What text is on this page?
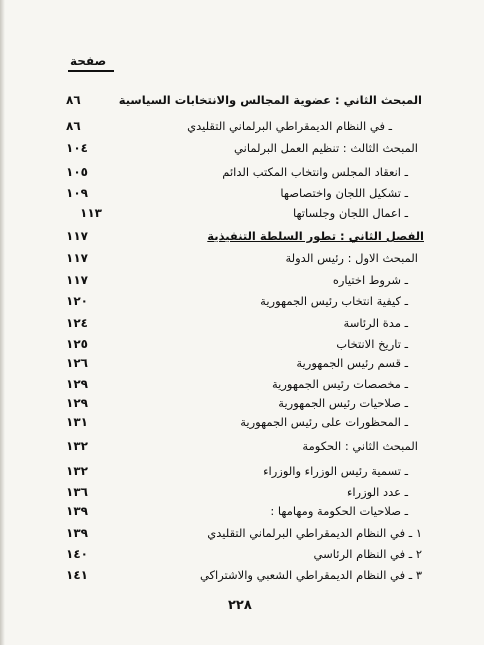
صفحة
المبحث الثاني : عضوية المجالس والانتخابات السياسية
٨٦
ـ في النظام الديمقراطي البرلماني التقليدي
٨٦
المبحث الثالث : تنظيم العمل البرلماني
١٠٤
ـ انعقاد المجلس وانتخاب المكتب الدائم
١٠٥
ـ تشكيل اللجان واختصاصها
١٠٩
ـ اعمال اللجان وجلساتها
١١٣
الفصل الثاني : تطور السلطة التنفيذية
١١٧
المبحث الاول : رئيس الدولة
١١٧
ـ شروط اختياره
١١٧
ـ كيفية انتخاب رئيس الجمهورية
١٢٠
ـ مدة الرئاسة
١٢٤
ـ تاريخ الانتخاب
١٢٥
ـ قسم رئيس الجمهورية
١٢٦
ـ مخصصات رئيس الجمهورية
١٢٩
ـ صلاحيات رئيس الجمهورية
١٢٩
ـ المحظورات على رئيس الجمهورية
١٣١
المبحث الثاني : الحكومة
١٣٢
ـ تسمية رئيس الوزراء والوزراء
١٣٢
ـ عدد الوزراء
١٣٦
ـ صلاحيات الحكومة ومهامها :
١٣٩
١ ـ في النظام الديمقراطي البرلماني التقليدي
١٣٩
٢ ـ في النظام الرئاسي
١٤٠
٣ ـ في النظام الديمقراطي الشعبي والاشتراكي
١٤١
٢٢٨
